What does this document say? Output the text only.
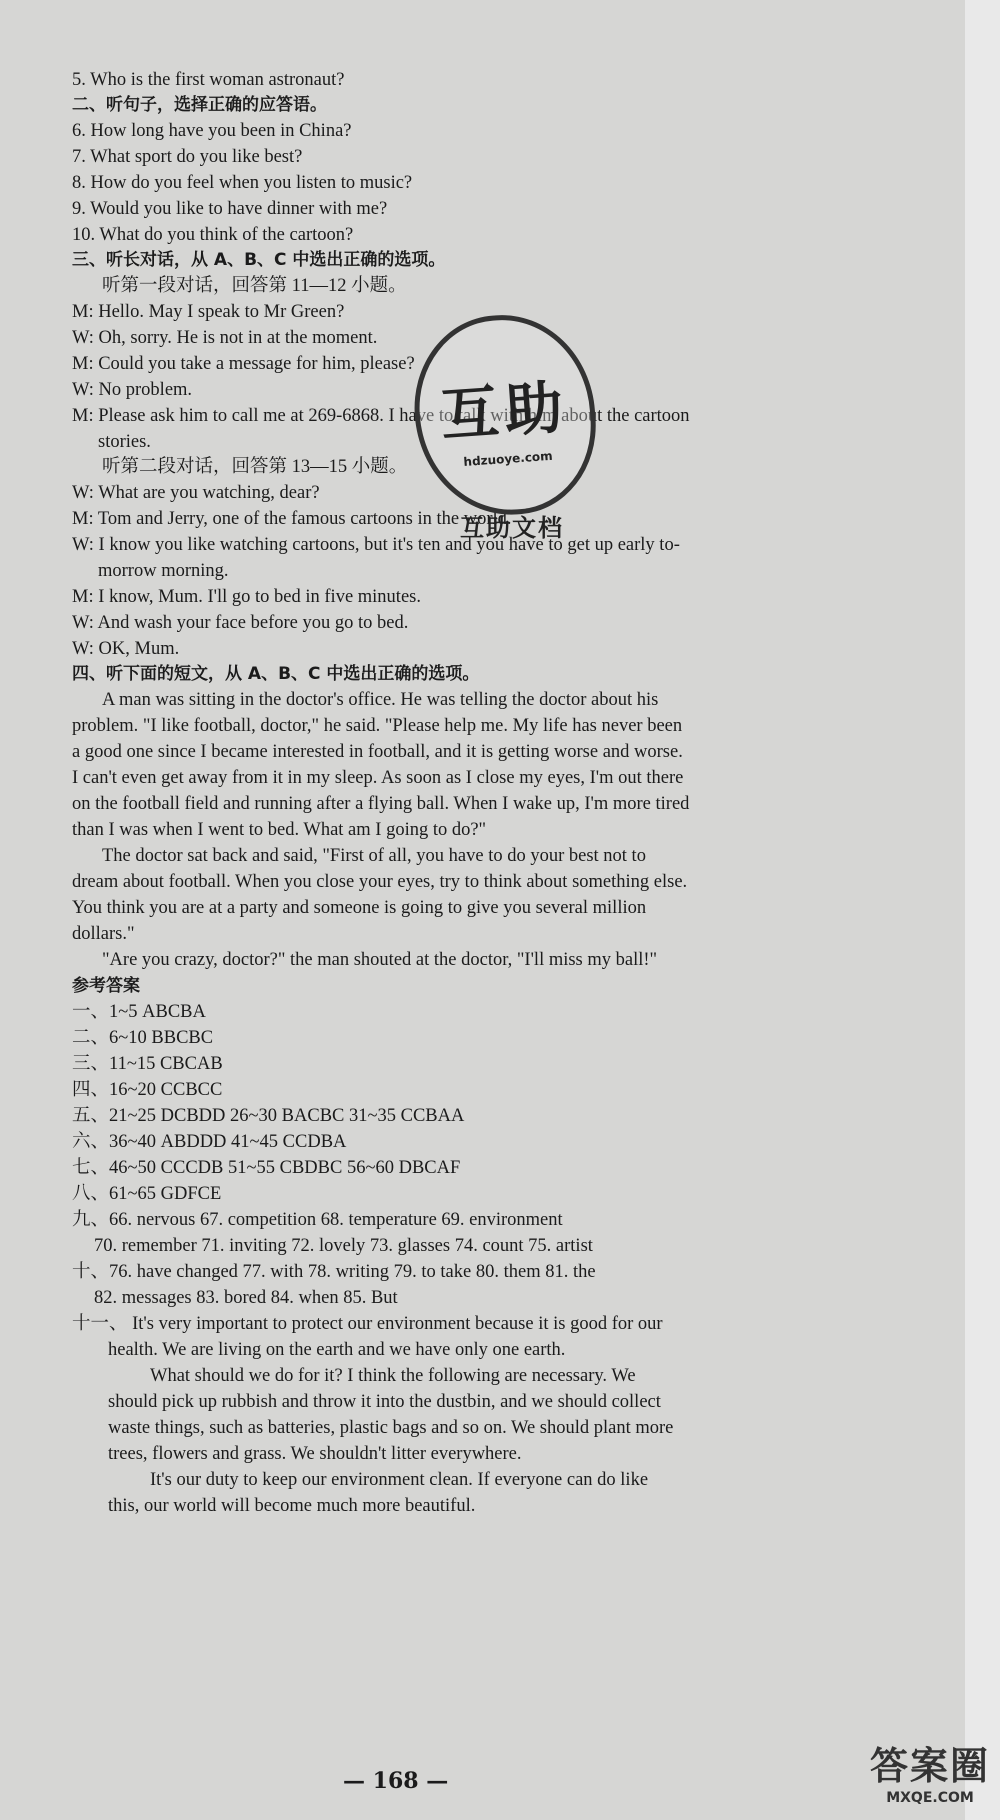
5. Who is the first woman astronaut?
二、听句子，选择正确的应答语。
6. How long have you been in China?
7. What sport do you like best?
8. How do you feel when you listen to music?
9. Would you like to have dinner with me?
10. What do you think of the cartoon?
三、听长对话，从 A、B、C 中选出正确的选项。
听第一段对话，回答第 11—12 小题。
M: Hello. May I speak to Mr Green?
W: Oh, sorry. He is not in at the moment.
M: Could you take a message for him, please?
W: No problem.
M: Please ask him to call me at 269-6868. I have to talk with him about the cartoon
stories.
听第二段对话，回答第 13—15 小题。
W: What are you watching, dear?
M: Tom and Jerry, one of the famous cartoons in the world.
W: I know you like watching cartoons, but it's ten and you have to get up early to-
morrow morning.
M: I know, Mum. I'll go to bed in five minutes.
W: And wash your face before you go to bed.
W: OK, Mum.
四、听下面的短文，从 A、B、C 中选出正确的选项。
A man was sitting in the doctor's office. He was telling the doctor about his
problem. "I like football, doctor," he said. "Please help me. My life has never been
a good one since I became interested in football, and it is getting worse and worse.
I can't even get away from it in my sleep. As soon as I close my eyes, I'm out there
on the football field and running after a flying ball. When I wake up, I'm more tired
than I was when I went to bed. What am I going to do?"
The doctor sat back and said, "First of all, you have to do your best not to
dream about football. When you close your eyes, try to think about something else.
You think you are at a party and someone is going to give you several million
dollars."
"Are you crazy, doctor?" the man shouted at the doctor, "I'll miss my ball!"
参考答案
一、1~5 ABCBA
二、6~10 BBCBC
三、11~15 CBCAB
四、16~20 CCBCC
五、21~25 DCBDD 26~30 BACBC 31~35 CCBAA
六、36~40 ABDDD 41~45 CCDBA
七、46~50 CCCDB 51~55 CBDBC 56~60 DBCAF
八、61~65 GDFCE
九、66. nervous 67. competition 68. temperature 69. environment
70. remember 71. inviting 72. lovely 73. glasses 74. count 75. artist
十、76. have changed 77. with 78. writing 79. to take 80. them 81. the
82. messages 83. bored 84. when 85. But
十一、 It's very important to protect our environment because it is good for our
health. We are living on the earth and we have only one earth.
What should we do for it? I think the following are necessary. We
should pick up rubbish and throw it into the dustbin, and we should collect
waste things, such as batteries, plastic bags and so on. We should plant more
trees, flowers and grass. We shouldn't litter everywhere.
It's our duty to keep our environment clean. If everyone can do like
this, our world will become much more beautiful.
互助
hdzuoye.com
互助文档
— 168 —	答案圈
MXQE.COM
